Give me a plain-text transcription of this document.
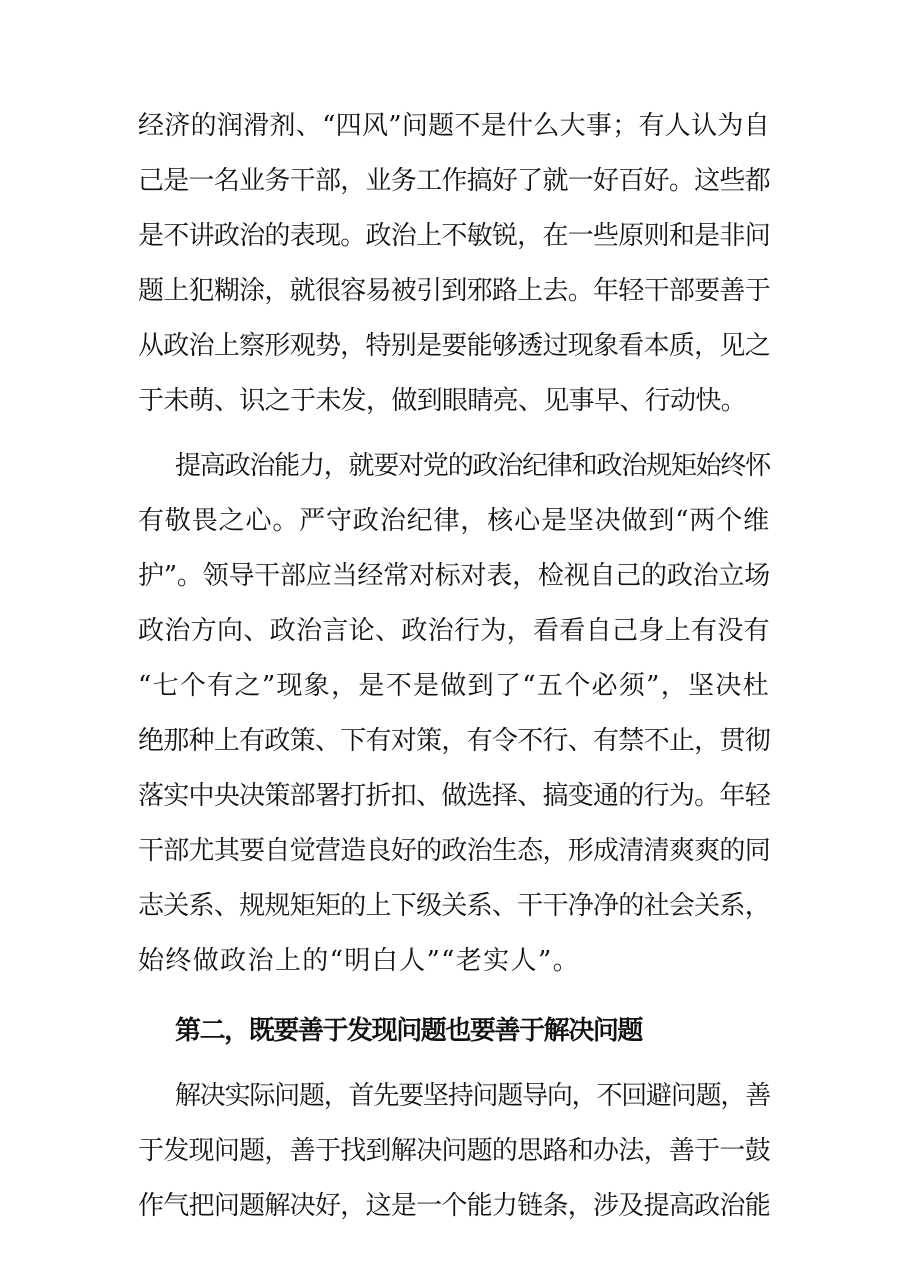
经济的润滑剂、“四风”问题不是什么大事；有人认为自
己是一名业务干部，业务工作搞好了就一好百好。这些都
是不讲政治的表现。政治上不敏锐，在一些原则和是非问
题上犯糊涂，就很容易被引到邪路上去。年轻干部要善于
从政治上察形观势，特别是要能够透过现象看本质，见之
于未萌、识之于未发，做到眼睛亮、见事早、行动快。
提高政治能力，就要对党的政治纪律和政治规矩始终怀
有敬畏之心。严守政治纪律，核心是坚决做到“两个维
护”。领导干部应当经常对标对表，检视自己的政治立场
政治方向、政治言论、政治行为，看看自己身上有没有
“七个有之”现象，是不是做到了“五个必须”，坚决杜
绝那种上有政策、下有对策，有令不行、有禁不止，贯彻
落实中央决策部署打折扣、做选择、搞变通的行为。年轻
干部尤其要自觉营造良好的政治生态，形成清清爽爽的同
志关系、规规矩矩的上下级关系、干干净净的社会关系，
始终做政治上的“明白人”“老实人”。
第二，既要善于发现问题也要善于解决问题
解决实际问题，首先要坚持问题导向，不回避问题，善
于发现问题，善于找到解决问题的思路和办法，善于一鼓
作气把问题解决好，这是一个能力链条，涉及提高政治能
